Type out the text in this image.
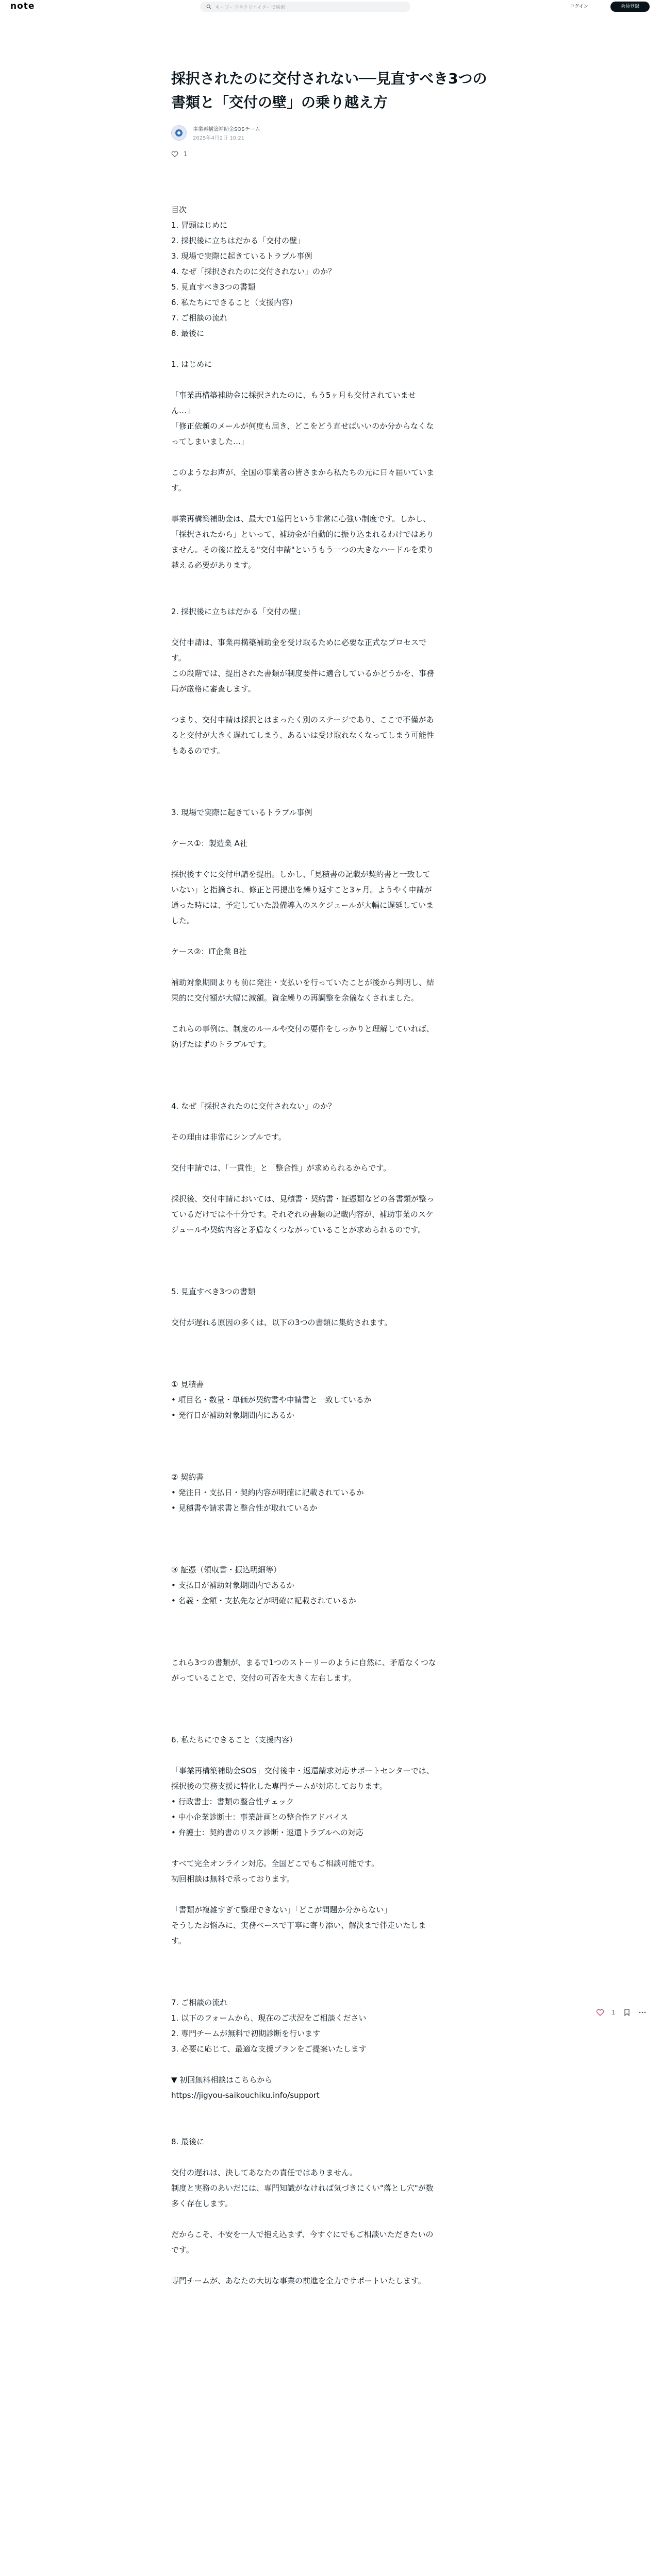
note	キーワードやクリエイターで検索	ログイン	会員登録
採択されたのに交付されない──見直すべき3つの書類と「交付の壁」の乗り越え方
事業再構築補助金SOSチーム
2025年4月2日 10:21
1

目次

1. 冒頭はじめに

2. 採択後に立ちはだかる「交付の壁」

3. 現場で実際に起きているトラブル事例

4. なぜ「採択されたのに交付されない」のか？

5. 見直すべき3つの書類

6. 私たちにできること（支援内容）

7. ご相談の流れ

8. 最後に

1. はじめに

「事業再構築補助金に採択されたのに、もう5ヶ月も交付されていませ

ん…」

「修正依頼のメールが何度も届き、どこをどう直せばいいのか分からなくな

ってしまいました…」

このようなお声が、全国の事業者の皆さまから私たちの元に日々届いていま

す。

事業再構築補助金は、最大で1億円という非常に心強い制度です。しかし、

「採択されたから」といって、補助金が自動的に振り込まれるわけではあり

ません。その後に控える"交付申請"というもう一つの大きなハードルを乗り

越える必要があります。

2. 採択後に立ちはだかる「交付の壁」

交付申請は、事業再構築補助金を受け取るために必要な正式なプロセスで

す。

この段階では、提出された書類が制度要件に適合しているかどうかを、事務

局が厳格に審査します。

つまり、交付申請は採択とはまったく別のステージであり、ここで不備があ

ると交付が大きく遅れてしまう、あるいは受け取れなくなってしまう可能性

もあるのです。

3. 現場で実際に起きているトラブル事例

ケース①：製造業 A社

採択後すぐに交付申請を提出。しかし、「見積書の記載が契約書と一致して

いない」と指摘され、修正と再提出を繰り返すこと3ヶ月。ようやく申請が

通った時には、予定していた設備導入のスケジュールが大幅に遅延していま

した。

ケース②：IT企業 B社

補助対象期間よりも前に発注・支払いを行っていたことが後から判明し、結

果的に交付額が大幅に減額。資金繰りの再調整を余儀なくされました。

これらの事例は、制度のルールや交付の要件をしっかりと理解していれば、

防げたはずのトラブルです。

4. なぜ「採択されたのに交付されない」のか？

その理由は非常にシンプルです。

交付申請では、「一貫性」と「整合性」が求められるからです。

採択後、交付申請においては、見積書・契約書・証憑類などの各書類が整っ

ているだけでは不十分です。それぞれの書類の記載内容が、補助事業のスケ

ジュールや契約内容と矛盾なくつながっていることが求められるのです。

5. 見直すべき3つの書類

交付が遅れる原因の多くは、以下の3つの書類に集約されます。

① 見積書

• 項目名・数量・単価が契約書や申請書と一致しているか

• 発行日が補助対象期間内にあるか

② 契約書

• 発注日・支払日・契約内容が明確に記載されているか

• 見積書や請求書と整合性が取れているか

③ 証憑（領収書・振込明細等）

• 支払日が補助対象期間内であるか

• 名義・金額・支払先などが明確に記載されているか

これら3つの書類が、まるで1つのストーリーのように自然に、矛盾なくつな

がっていることで、交付の可否を大きく左右します。

6. 私たちにできること（支援内容）

「事業再構築補助金SOS」交付後申・返還請求対応サポートセンターでは、

採択後の実務支援に特化した専門チームが対応しております。

• 行政書士：書類の整合性チェック

• 中小企業診断士：事業計画との整合性アドバイス

• 弁護士：契約書のリスク診断・返還トラブルへの対応

すべて完全オンライン対応。全国どこでもご相談可能です。

初回相談は無料で承っております。

「書類が複雑すぎて整理できない」「どこが問題か分からない」

そうしたお悩みに、実務ベースで丁寧に寄り添い、解決まで伴走いたしま

す。

7. ご相談の流れ

1. 以下のフォームから、現在のご状況をご相談ください

2. 専門チームが無料で初期診断を行います

3. 必要に応じて、最適な支援プランをご提案いたします

▼ 初回無料相談はこちらから

https://jigyou-saikouchiku.info/support

8. 最後に

交付の遅れは、決してあなたの責任ではありません。

制度と実務のあいだには、専門知識がなければ気づきにくい"落とし穴"が数

多く存在します。

だからこそ、不安を一人で抱え込まず、今すぐにでもご相談いただきたいの

です。

専門チームが、あなたの大切な事業の前進を全力でサポートいたします。

1
